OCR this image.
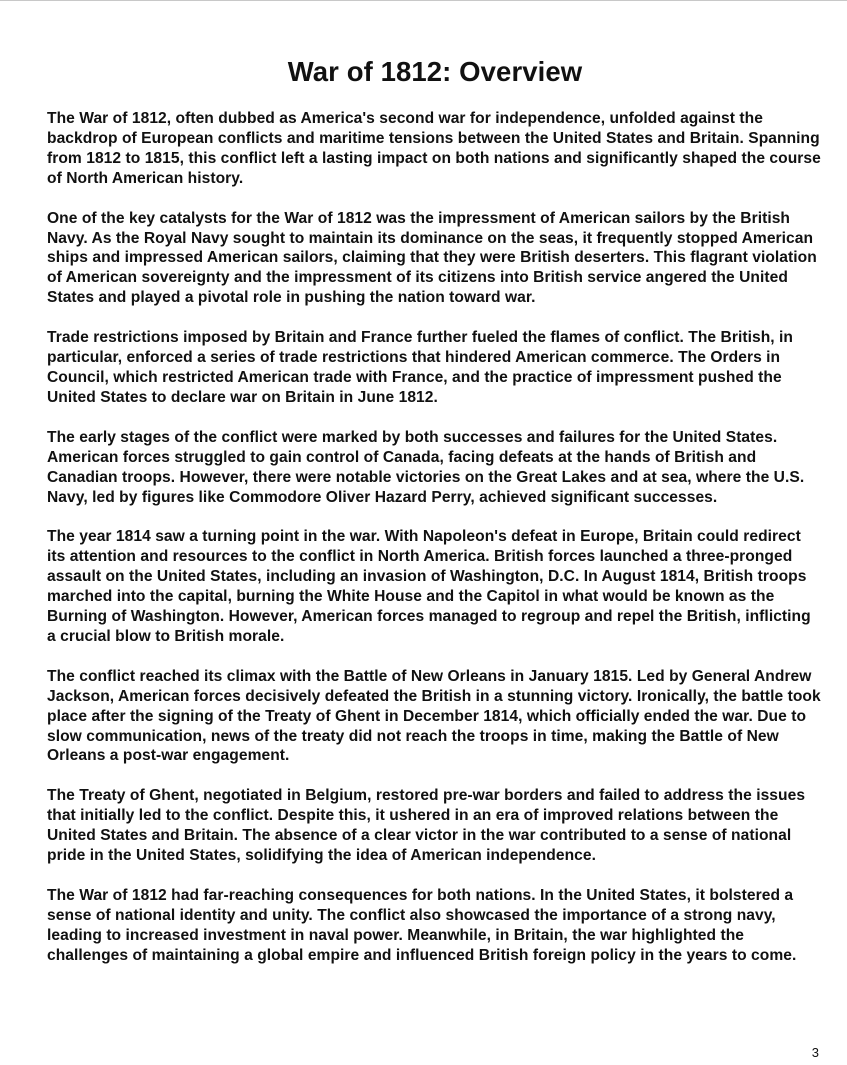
War of 1812: Overview

The War of 1812, often dubbed as America's second war for independence, unfolded against the backdrop of European conflicts and maritime tensions between the United States and Britain. Spanning from 1812 to 1815, this conflict left a lasting impact on both nations and significantly shaped the course of North American history.

One of the key catalysts for the War of 1812 was the impressment of American sailors by the British Navy. As the Royal Navy sought to maintain its dominance on the seas, it frequently stopped American ships and impressed American sailors, claiming that they were British deserters. This flagrant violation of American sovereignty and the impressment of its citizens into British service angered the United States and played a pivotal role in pushing the nation toward war.

Trade restrictions imposed by Britain and France further fueled the flames of conflict. The British, in particular, enforced a series of trade restrictions that hindered American commerce. The Orders in Council, which restricted American trade with France, and the practice of impressment pushed the United States to declare war on Britain in June 1812.

The early stages of the conflict were marked by both successes and failures for the United States. American forces struggled to gain control of Canada, facing defeats at the hands of British and Canadian troops. However, there were notable victories on the Great Lakes and at sea, where the U.S. Navy, led by figures like Commodore Oliver Hazard Perry, achieved significant successes.

The year 1814 saw a turning point in the war. With Napoleon's defeat in Europe, Britain could redirect its attention and resources to the conflict in North America. British forces launched a three-pronged assault on the United States, including an invasion of Washington, D.C. In August 1814, British troops marched into the capital, burning the White House and the Capitol in what would be known as the Burning of Washington. However, American forces managed to regroup and repel the British, inflicting a crucial blow to British morale.

The conflict reached its climax with the Battle of New Orleans in January 1815. Led by General Andrew Jackson, American forces decisively defeated the British in a stunning victory. Ironically, the battle took place after the signing of the Treaty of Ghent in December 1814, which officially ended the war. Due to slow communication, news of the treaty did not reach the troops in time, making the Battle of New Orleans a post-war engagement.

The Treaty of Ghent, negotiated in Belgium, restored pre-war borders and failed to address the issues that initially led to the conflict. Despite this, it ushered in an era of improved relations between the United States and Britain. The absence of a clear victor in the war contributed to a sense of national pride in the United States, solidifying the idea of American independence.

The War of 1812 had far-reaching consequences for both nations. In the United States, it bolstered a sense of national identity and unity. The conflict also showcased the importance of a strong navy, leading to increased investment in naval power. Meanwhile, in Britain, the war highlighted the challenges of maintaining a global empire and influenced British foreign policy in the years to come.

3
